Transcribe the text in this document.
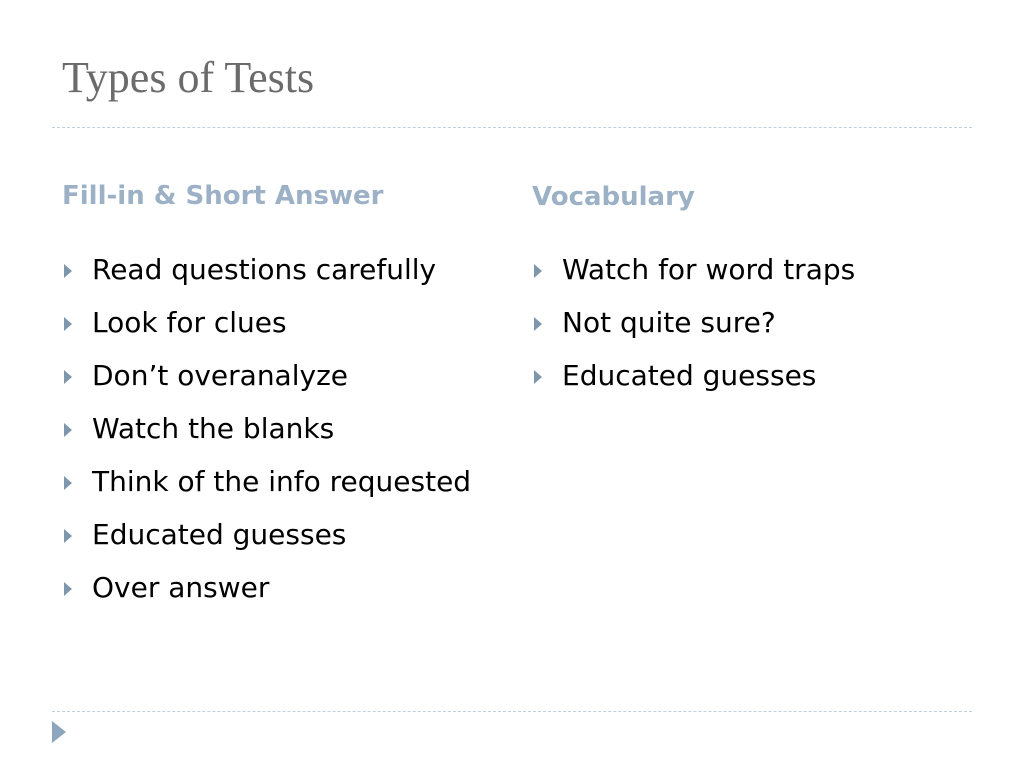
Types of Tests
Fill-in & Short Answer
Read questions carefully
Look for clues
Don’t overanalyze
Watch the blanks
Think of the info requested
Educated guesses
Over answer
Vocabulary
Watch for word traps
Not quite sure?
Educated guesses
